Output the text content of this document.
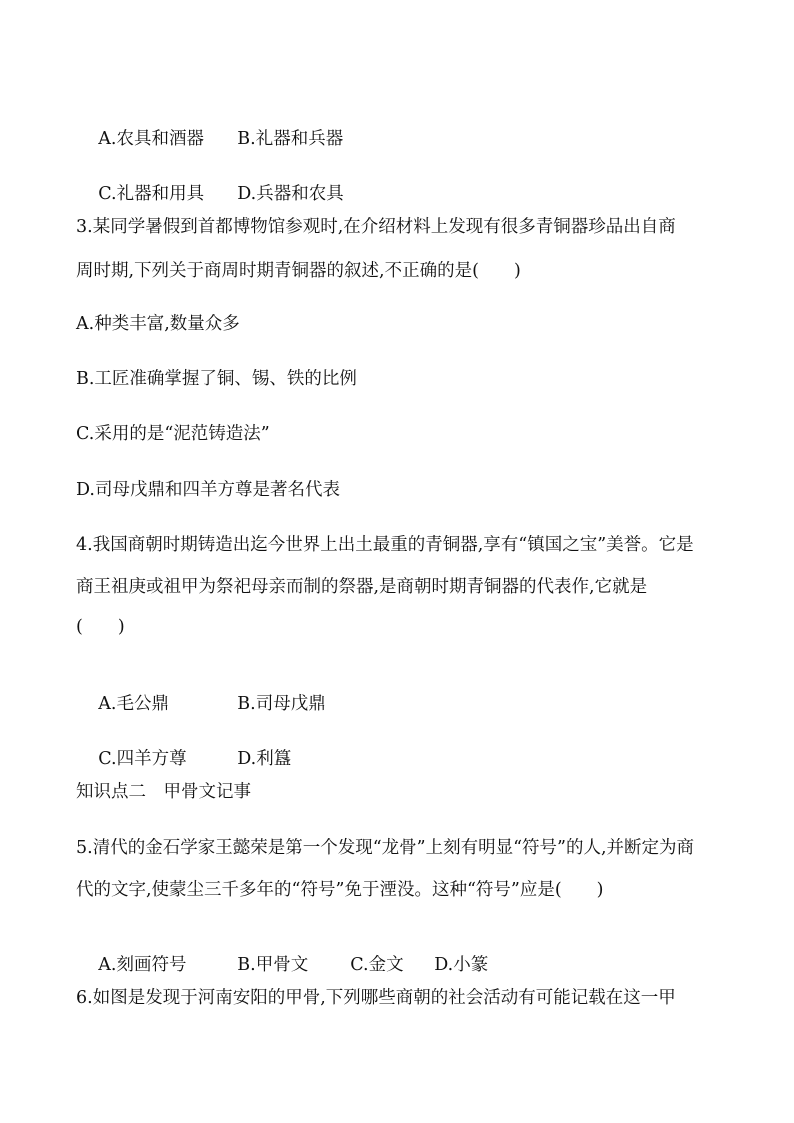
A.农具和酒器 B.礼器和兵器

C.礼器和用具 D.兵器和农具

3.某同学暑假到首都博物馆参观时,在介绍材料上发现有很多青铜器珍品出自商
周时期,下列关于商周时期青铜器的叙述,不正确的是(　　)
A.种类丰富,数量众多
B.工匠准确掌握了铜、锡、铁的比例
C.采用的是“泥范铸造法”
D.司母戊鼎和四羊方尊是著名代表
4.我国商朝时期铸造出迄今世界上出土最重的青铜器,享有“镇国之宝”美誉。它是
商王祖庚或祖甲为祭祀母亲而制的祭器,是商朝时期青铜器的代表作,它就是
(　　)

A.毛公鼎	B.司母戊鼎

C.四羊方尊	D.利簋

知识点二　甲骨文记事
5.清代的金石学家王懿荣是第一个发现“龙骨”上刻有明显“符号”的人,并断定为商
代的文字,使蒙尘三千多年的“符号”免于湮没。这种“符号”应是(　　)

A.刻画符号	B.甲骨文 C.金文 D.小篆

6.如图是发现于河南安阳的甲骨,下列哪些商朝的社会活动有可能记载在这一甲
